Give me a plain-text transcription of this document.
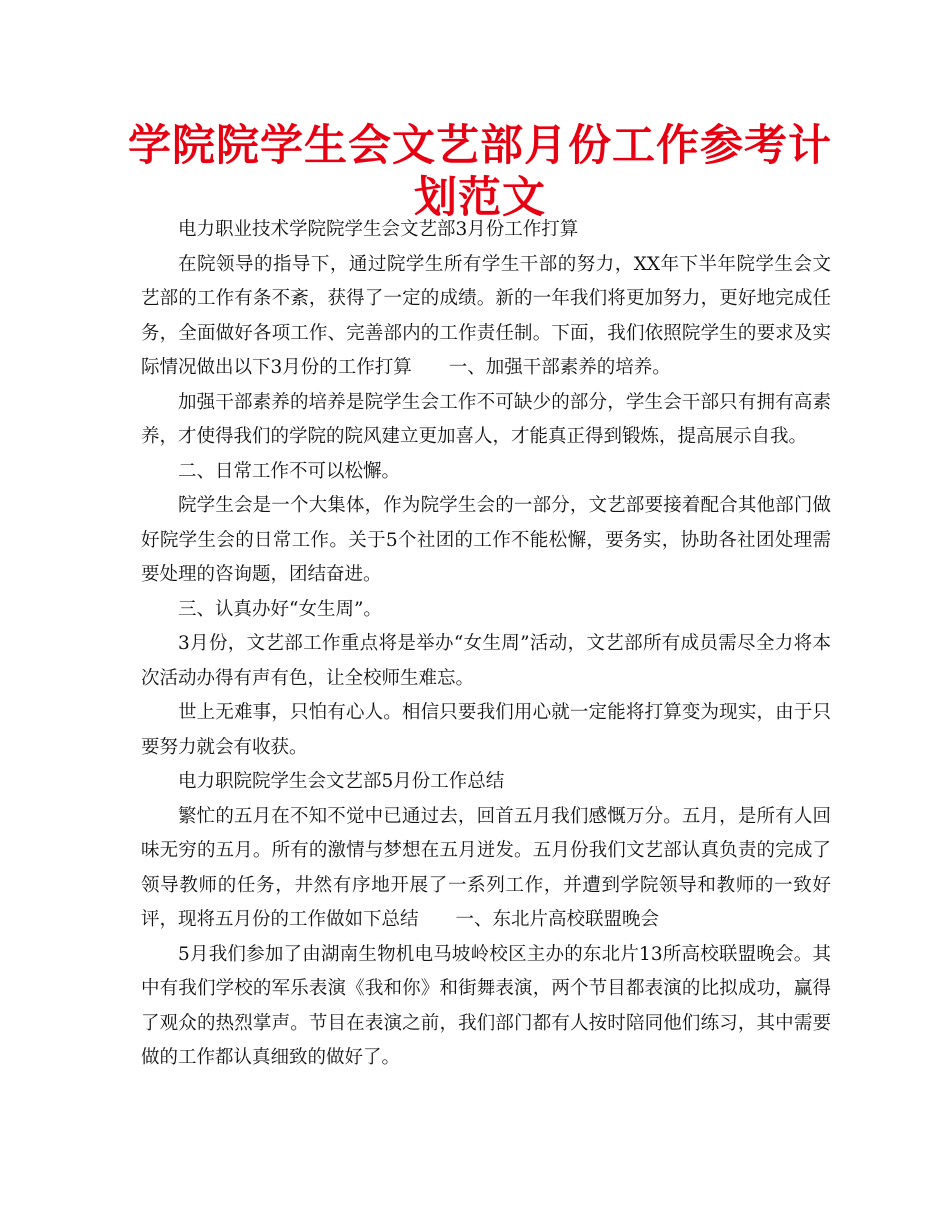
学院院学生会文艺部月份工作参考计划范文

电力职业技术学院院学生会文艺部3月份工作打算

在院领导的指导下，通过院学生所有学生干部的努力，XX年下半年院学生会文艺部的工作有条不紊，获得了一定的成绩。新的一年我们将更加努力，更好地完成任务，全面做好各项工作、完善部内的工作责任制。下面，我们依照院学生的要求及实际情况做出以下3月份的工作打算　　一、加强干部素养的培养。

加强干部素养的培养是院学生会工作不可缺少的部分，学生会干部只有拥有高素养，才使得我们的学院的院风建立更加喜人，才能真正得到锻炼，提高展示自我。

二、日常工作不可以松懈。

院学生会是一个大集体，作为院学生会的一部分，文艺部要接着配合其他部门做好院学生会的日常工作。关于5个社团的工作不能松懈，要务实，协助各社团处理需要处理的咨询题，团结奋进。

三、认真办好“女生周”。

3月份，文艺部工作重点将是举办“女生周”活动，文艺部所有成员需尽全力将本次活动办得有声有色，让全校师生难忘。

世上无难事，只怕有心人。相信只要我们用心就一定能将打算变为现实，由于只要努力就会有收获。

电力职院院学生会文艺部5月份工作总结

繁忙的五月在不知不觉中已通过去，回首五月我们感慨万分。五月，是所有人回味无穷的五月。所有的激情与梦想在五月迸发。五月份我们文艺部认真负责的完成了领导教师的任务，井然有序地开展了一系列工作，并遭到学院领导和教师的一致好评，现将五月份的工作做如下总结　　一、东北片高校联盟晚会

5月我们参加了由湖南生物机电马坡岭校区主办的东北片13所高校联盟晚会。其中有我们学校的军乐表演《我和你》和街舞表演，两个节目都表演的比拟成功，赢得了观众的热烈掌声。节目在表演之前，我们部门都有人按时陪同他们练习，其中需要做的工作都认真细致的做好了。
